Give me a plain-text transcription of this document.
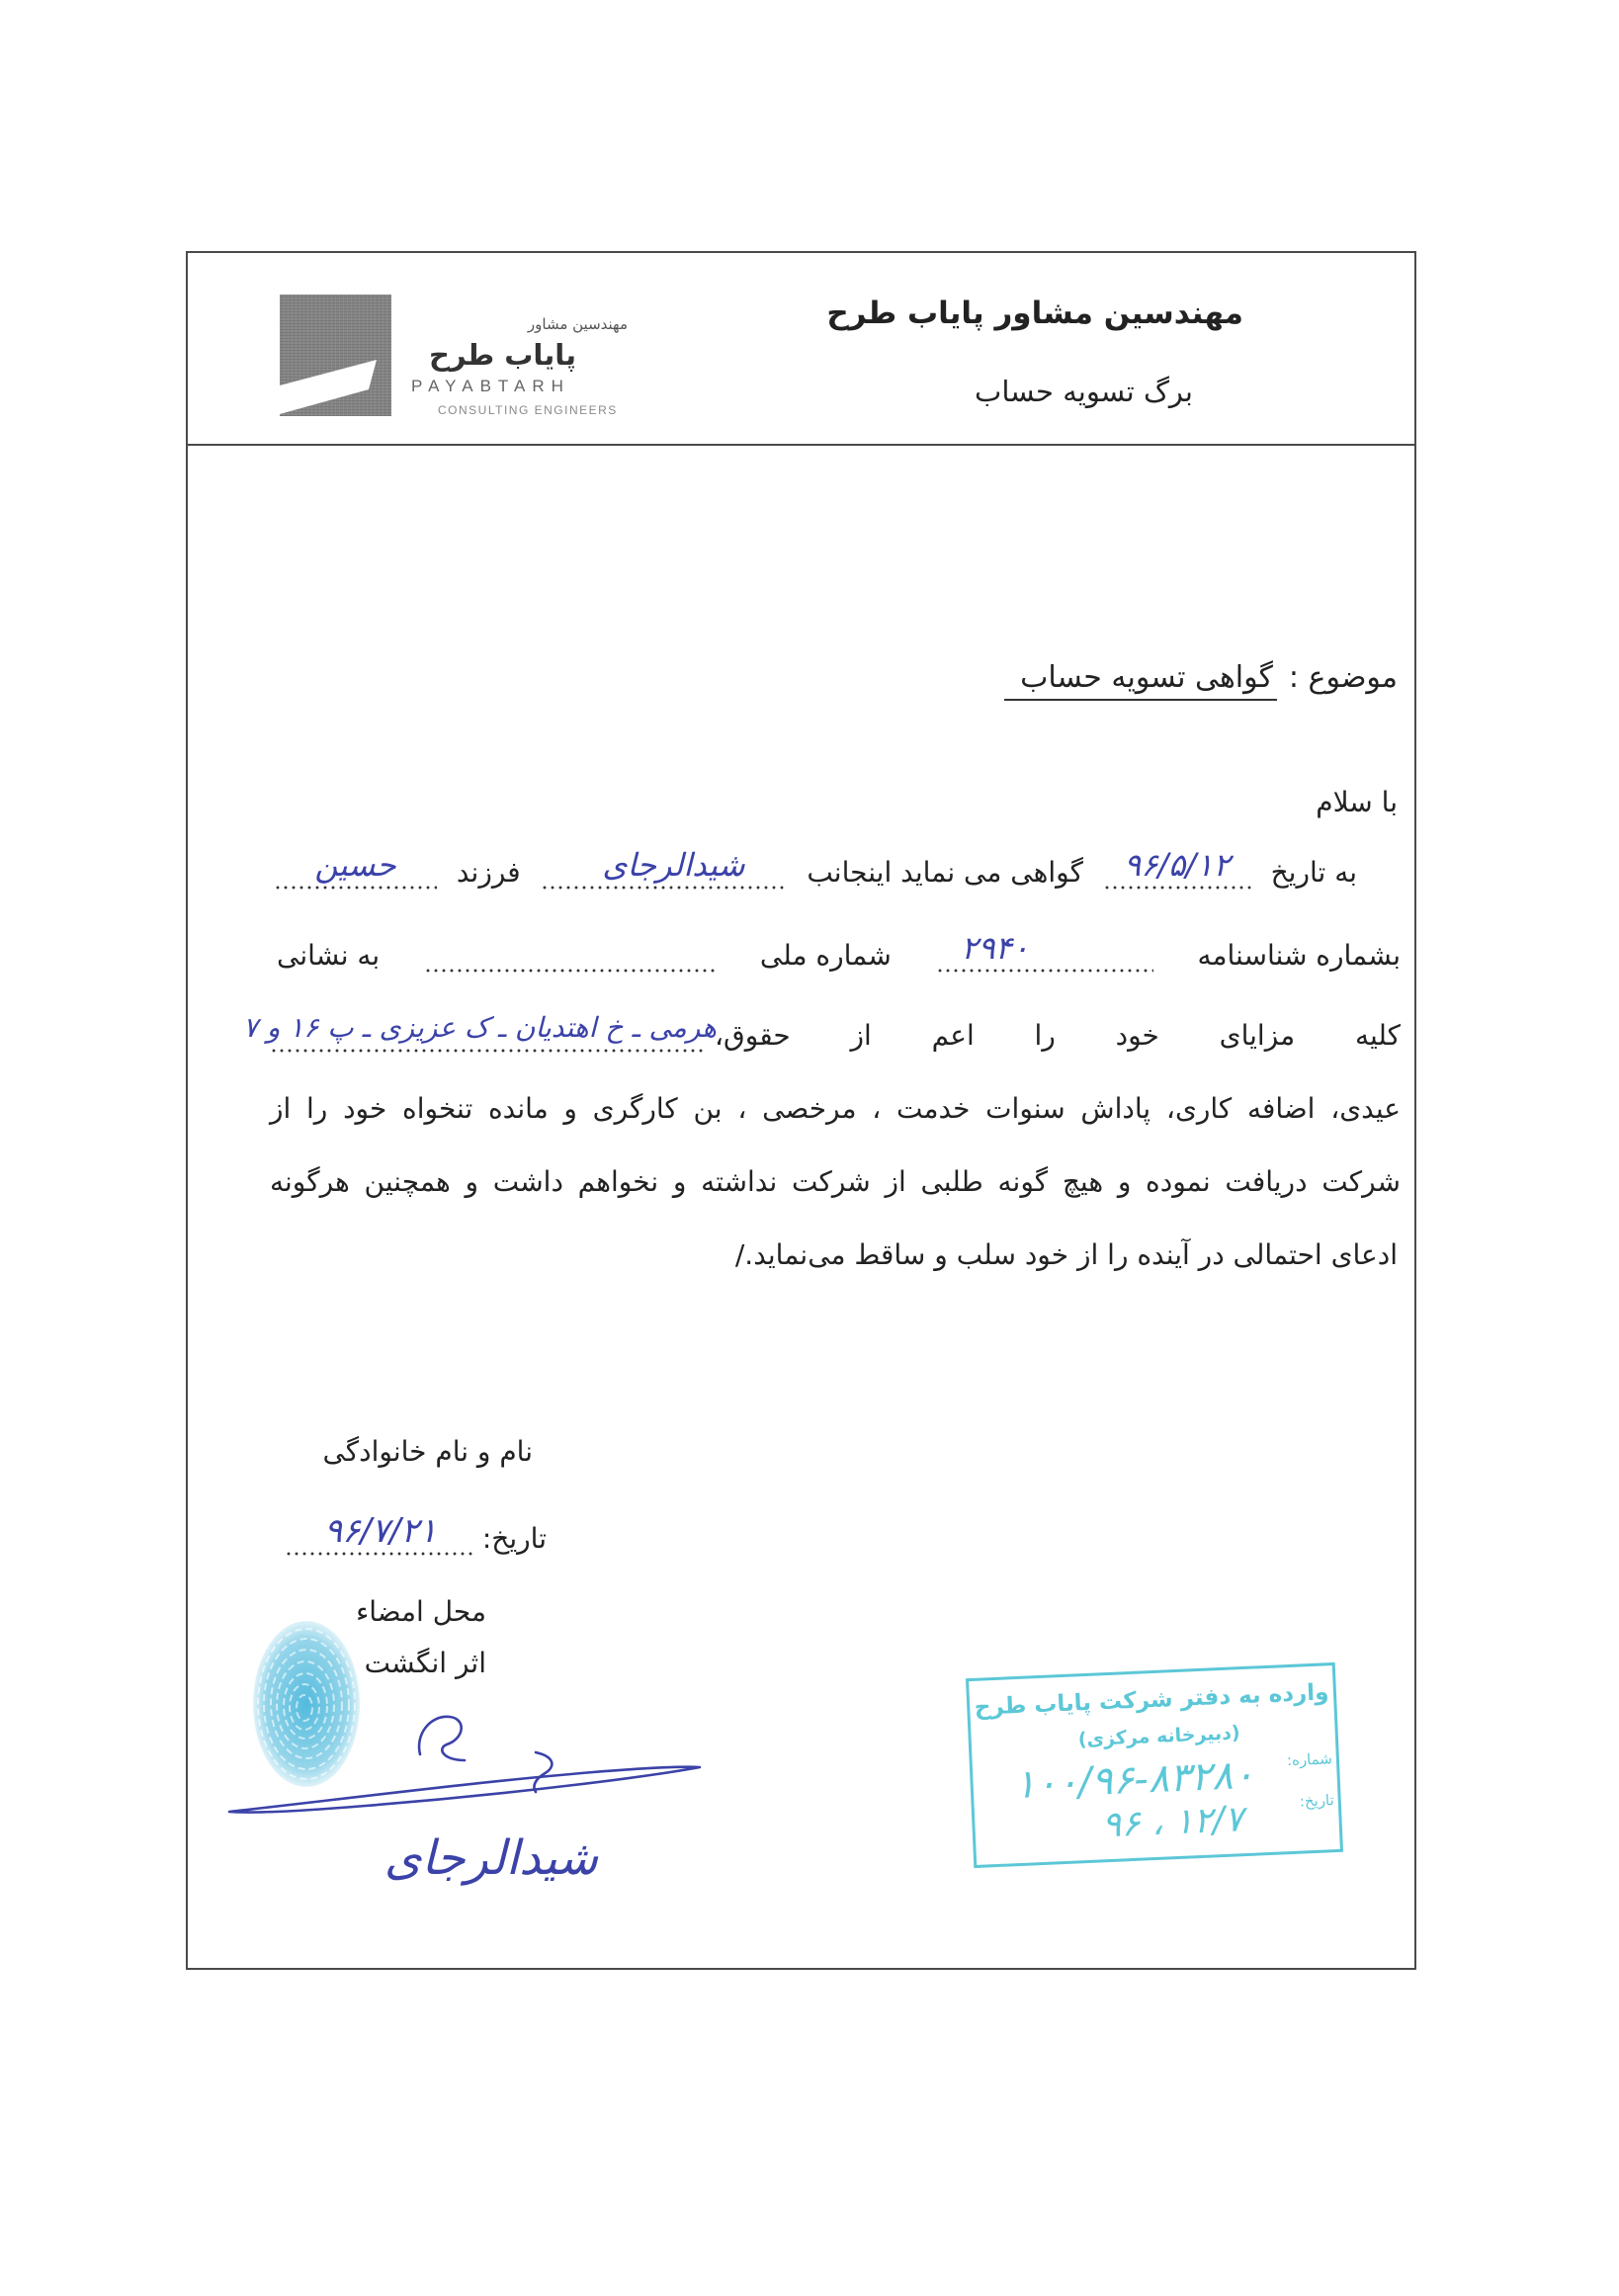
مهندسین مشاور پایاب طرح
برگ تسویه حساب
مهندسین مشاور
پایاب طرح
PAYABTARH
CONSULTING ENGINEERS
موضوع :گواهی تسویه حساب
با سلام
به تاریخ
۹۶/۵/۱۲
گواهی می نماید اینجانب
شیدالرجای
فرزند
حسین
بشماره شناسنامه
۲۹۴۰
شماره ملی
به نشانی
کلیه مزایای خود را اعم از حقوق،
هرمی ـ خ اهتدیان ـ ک عزیزی ـ پ ۱۶ و ۷
عیدی، اضافه کاری، پاداش سنوات خدمت ، مرخصی ، بن کارگری و مانده تنخواه خود را از
شرکت دریافت نموده و هیچ گونه طلبی از شرکت نداشته و نخواهم داشت و همچنین هرگونه
ادعای احتمالی در آینده را از خود سلب و ساقط می‌نماید./
نام و نام خانوادگی
تاریخ:
۹۶/۷/۲۱
محل امضاء
اثر انگشت
شیدالرجای
وارده به دفتر شرکت پایاب طرح
(دبیرخانه مرکزی)
شماره:
۱۰۰/۹۶-۸۳۲۸۰	تاریخ:
۹۶ ، ۱۲/۷
